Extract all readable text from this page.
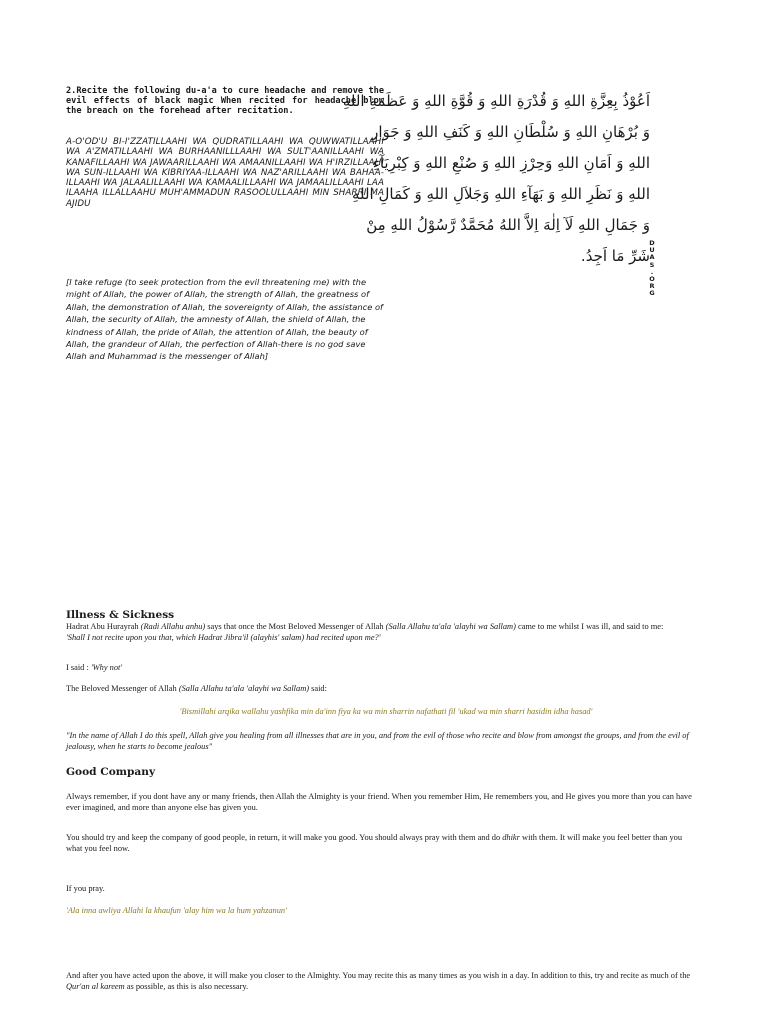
2.Recite the following du-a'a to cure headache and remove the evil effects of black magic When recited for headache blow the breach on the forehead after recitation.
A-O'OD'U BI-I'ZZATILLAAHI WA QUDRATILLAAHI WA QUWWATILLAAHI WA A'ZMATILLAAHI WA BURHAANILLLAAHI WA SULT'AANILLAAHI WA KANAFILLAAHI WA JAWAARILLAAHI WA AMAANILLAAHI WA H'IRZILLAAHI WA SUN-ILLAAHI WA KIBRIYAA-ILLAAHI WA NAZ'ARILLAAHI WA BAHAA-ILLAAHI WA JALAALILLAAHI WA KAMAALILLAAHI WA JAMAALILLAAHI LAA ILAAHA ILLALLAAHU MUH'AMMADUN RASOOLULLAAHI MIN SHARRI MA AJIDU
[I take refuge (to seek protection from the evil threatening me) with the might of Allah, the power of Allah, the strength of Allah, the greatness of Allah, the demonstration of Allah, the sovereignty of Allah, the assistance of Allah, the security of Allah, the amnesty of Allah, the shield of Allah, the kindness of Allah, the pride of Allah, the attention of Allah, the beauty of Allah, the grandeur of Allah, the perfection of Allah-there is no god save Allah and Muhammad is the messenger of Allah]
اَعُوْذُ بِعِزَّةِ اللهِ وَ قُدْرَةِ اللهِ وَ قُوَّةِ اللهِ وَ عَظَمَةِ اللهِ
وَ بُرْهَانِ اللهِ وَ سُلْطَانِ اللهِ وَ كَنَفِ اللهِ وَ جَوَارِ
اللهِ وَ اَمَانِ اللهِ وَحِرْزِ اللهِ وَ صُنْعِ اللهِ وَ كِبْرِيَآءِ
اللهِ وَ نَظَرِ اللهِ وَ بَهَآءِ اللهِ وَجَلاَلِ اللهِ وَ كَمَالِ اللهِ
وَ جَمَالِ اللهِ لَآ اِلٰهَ اِلاَّ اللهُ مُحَمَّدٌ رَّسُوْلُ اللهِ مِنْ
شَرِّ مَا اَجِدُ.
D
U
A
S
.
O
R
G
Illness & Sickness
Hadrat Abu Hurayrah (Radi Allahu anhu) says that once the Most Beloved Messenger of Allah (Salla Allahu ta'ala 'alayhi wa Sallam) came to me whilst I was ill, and said to me:
'Shall I not recite upon you that, which Hadrat Jibra'il (alayhis' salam) had recited upon me?'
I said : 'Why not'
The Beloved Messenger of Allah (Salla Allahu ta'ala 'alayhi wa Sallam) said:
'Bismillahi arqika wallahu yashfika min da'inn fiya ka wa min sharrin nafathati fil 'ukad wa min sharri hasidin idha hasad'
"In the name of Allah I do this spell, Allah give you healing from all illnesses that are in you, and from the evil of those who recite and blow from amongst the groups, and from the evil of jealousy, when he starts to become jealous"
Good Company
Always remember, if you dont have any or many friends, then Allah the Almighty is your friend. When you remember Him, He remembers you, and He gives you more than you can have ever imagined, and more than anyone else has given you.
You should try and keep the company of good people, in return, it will make you good. You should always pray with them and do dhikr with them. It will make you feel better than you what you feel now.
If you pray.
'Ala inna awliya Allahi la khaufun 'alay him wa la hum yahzanun'
And after you have acted upon the above, it will make you closer to the Almighty. You may recite this as many times as you wish in a day. In addition to this, try and recite as much of the Qur'an al kareem as possible, as this is also necessary.
